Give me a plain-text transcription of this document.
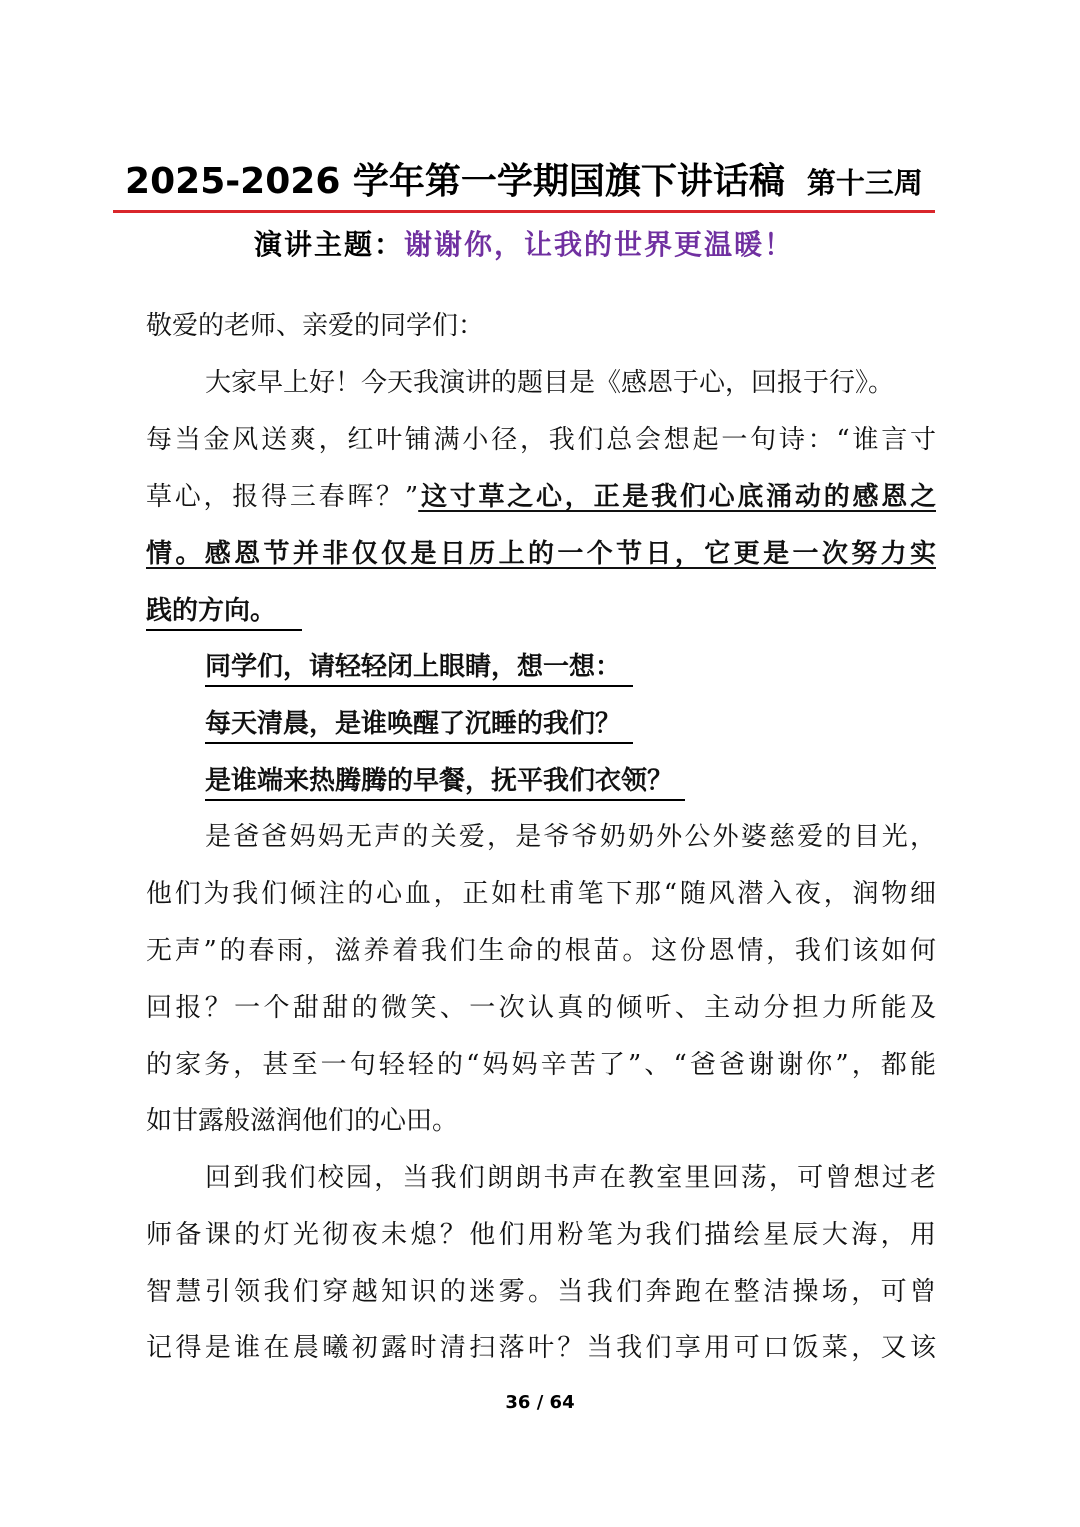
2025-2026 学年第一学期国旗下讲话稿 第十三周
演讲主题：谢谢你，让我的世界更温暖！
敬爱的老师、亲爱的同学们：
大家早上好！今天我演讲的题目是《感恩于心，回报于行》。
每当金风送爽，红叶铺满小径，我们总会想起一句诗：“谁言寸
草心，报得三春晖？”这寸草之心，正是我们心底涌动的感恩之
情。感恩节并非仅仅是日历上的一个节日，它更是一次努力实
践的方向。
同学们，请轻轻闭上眼睛，想一想：
每天清晨，是谁唤醒了沉睡的我们？
是谁端来热腾腾的早餐，抚平我们衣领？
是爸爸妈妈无声的关爱，是爷爷奶奶外公外婆慈爱的目光，
他们为我们倾注的心血，正如杜甫笔下那“随风潜入夜，润物细
无声”的春雨，滋养着我们生命的根苗。这份恩情，我们该如何
回报？一个甜甜的微笑、一次认真的倾听、主动分担力所能及
的家务，甚至一句轻轻的“妈妈辛苦了”、“爸爸谢谢你”，都能
如甘露般滋润他们的心田。
回到我们校园，当我们朗朗书声在教室里回荡，可曾想过老
师备课的灯光彻夜未熄？他们用粉笔为我们描绘星辰大海，用
智慧引领我们穿越知识的迷雾。当我们奔跑在整洁操场，可曾
记得是谁在晨曦初露时清扫落叶？当我们享用可口饭菜，又该
36 / 64
